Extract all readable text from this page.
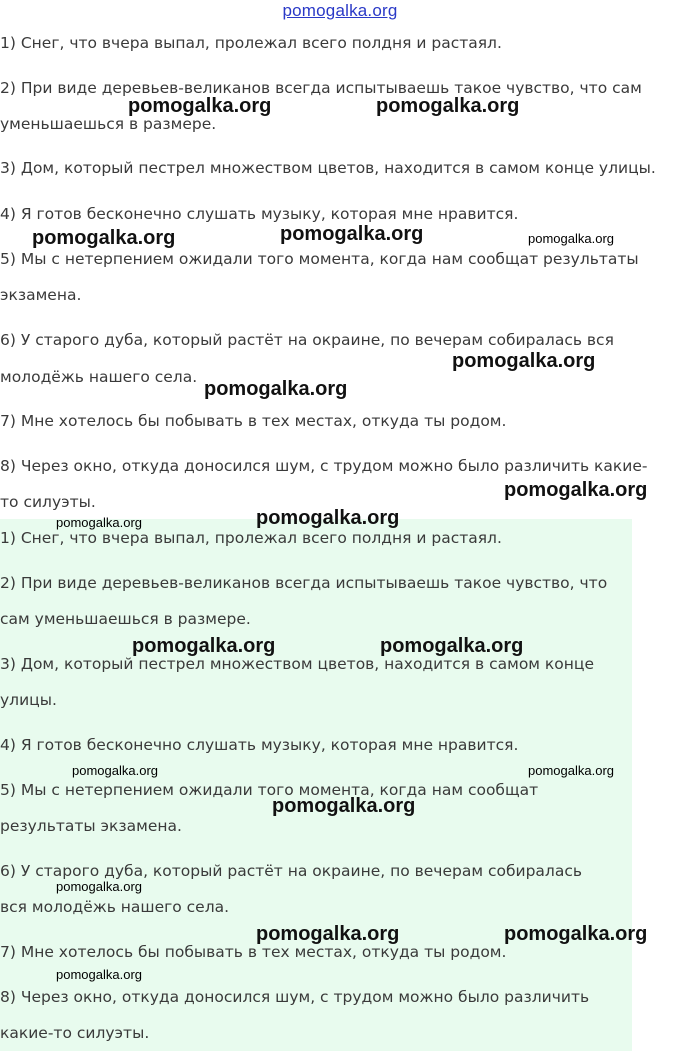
pomogalka.org
1) Снег, что вчера выпал, пролежал всего полдня и растаял.
2) При виде деревьев-великанов всегда испытываешь такое чувство, что сам
уменьшаешься в размере.
3) Дом, который пестрел множеством цветов, находится в самом конце улицы.
4) Я готов бесконечно слушать музыку, которая мне нравится.
5) Мы с нетерпением ожидали того момента, когда нам сообщат результаты
экзамена.
6) У старого дуба, который растёт на окраине, по вечерам собиралась вся
молодёжь нашего села.
7) Мне хотелось бы побывать в тех местах, откуда ты родом.
8) Через окно, откуда доносился шум, с трудом можно было различить какие-
то силуэты.
1) Снег, что вчера выпал, пролежал всего полдня и растаял.
2) При виде деревьев-великанов всегда испытываешь такое чувство, что
сам уменьшаешься в размере.
3) Дом, который пестрел множеством цветов, находится в самом конце
улицы.
4) Я готов бесконечно слушать музыку, которая мне нравится.
5) Мы с нетерпением ожидали того момента, когда нам сообщат
результаты экзамена.
6) У старого дуба, который растёт на окраине, по вечерам собиралась
вся молодёжь нашего села.
7) Мне хотелось бы побывать в тех местах, откуда ты родом.
8) Через окно, откуда доносился шум, с трудом можно было различить
какие-то силуэты.
pomogalka.org	pomogalka.org
pomogalka.org	pomogalka.org	pomogalka.org
pomogalka.org
pomogalka.org
pomogalka.org
pomogalka.org	pomogalka.org
pomogalka.org	pomogalka.org
pomogalka.org	pomogalka.org
pomogalka.org
pomogalka.org
pomogalka.org	pomogalka.org
pomogalka.org
